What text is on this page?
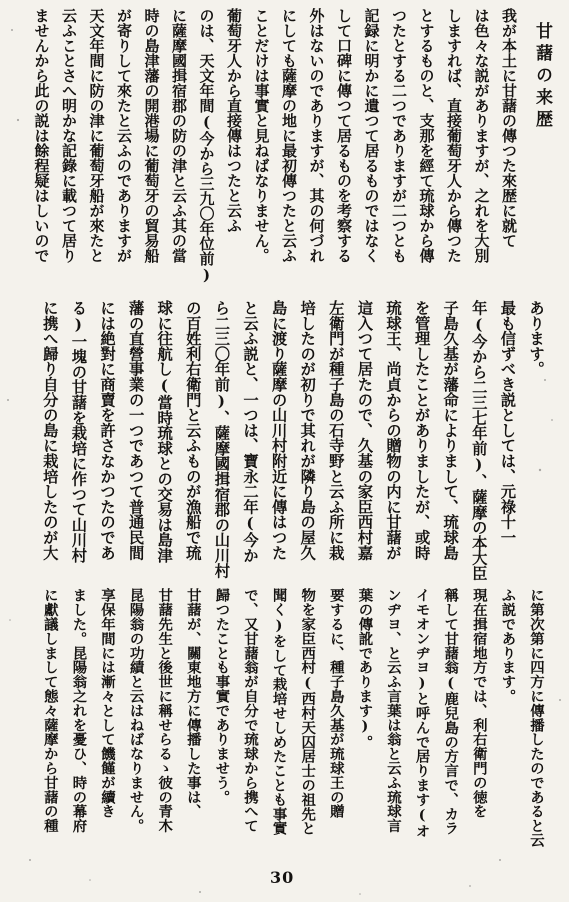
甘藷の来歴
我が本土に甘藷の傳つた來歴に就て
は色々な説がありますが、之れを大別
しますれば、直接葡萄牙人から傳つた
とするものと、支那を經て琉球から傳
つたとする二つでありますが二つとも
記録に明かに遺つて居るものではなく
して口碑に傳つて居るものを考察する
外はないのでありますが、其の何づれ
にしても薩摩の地に最初傳つたと云ふ
ことだけは事實と見ねばなりません。
葡萄牙人から直接傳はつたと云ふ
のは、天文年間(今から三九〇年位前)
に薩摩國揖宿郡の防の津と云ふ其の當
時の島津藩の開港場に葡萄牙の貿易船
が寄りして來たと云ふのでありますが
天文年間に防の津に葡萄牙船が來たと
云ふことさへ明かな記錄に載つて居り
ませんから此の説は餘程疑はしいので
あります。
最も信ずべき説としては、元祿十一
年(今から二三七年前)、薩摩の本大臣
子島久基が藩命によりまして、琉球島
を管理したことがありましたが、或時
琉球王、尚貞からの贈物の内に甘藷が
這入つて居たので、久基の家臣西村嘉
左衛門が種子島の石寺野と云ふ所に栽
培したのが初りで其れが隣り島の屋久
島に渡り薩摩の山川村附近に傳はつた
と云ふ説と、一つは、寶永二年(今か
ら二三〇年前)、薩摩國揖宿郡の山川村
の百姓利右衛門と云ふものが漁船で琉
球に往航し(當時琉球との交易は島津
藩の直營事業の一つであつて普通民間
には絶對に商賣を許さなかつたのであ
る)一塊の甘藷を栽培に作つて山川村
に携へ歸り自分の島に栽培したのが大
に第次第に四方に傳播したのであると云
ふ説であります。
現在揖宿地方では、利右衛門の徳を
稱して甘藷翁(鹿兒島の方言で、カラ
イモオンヂヨ)と呼んで居ります(オ
ンヂヨ、と云ふ言葉は翁と云ふ琉球言
葉の傳訛であります)。
要するに、種子島久基が琉球王の贈
物を家臣西村(西村天囚居士の祖先と
聞く)をして栽培せしめたことも事實
で、又甘藷翁が自分で琉球から携へて
歸つたことも事實でありませう。
甘藷が、關東地方に傳播した事は、
甘藷先生と後世に稱せらるゝ彼の青木
昆陽翁の功績と云はねばなりません。
享保年間には漸々として饑饉が續き
ました。昆陽翁之れを憂ひ、時の幕府
に獻議しまして態々薩摩から甘藷の種
30
